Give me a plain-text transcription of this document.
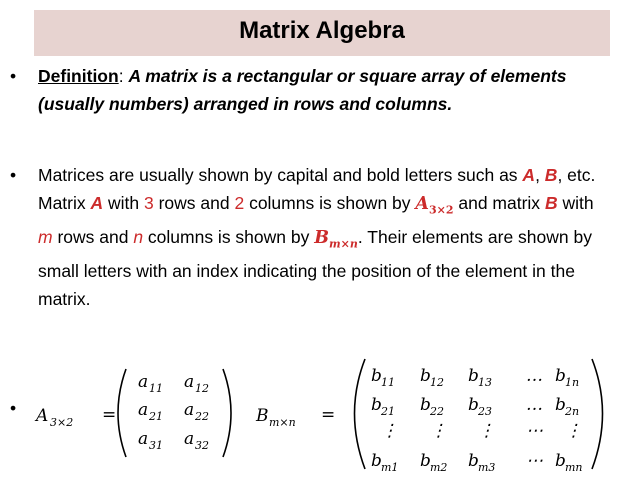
Matrix Algebra
• Definition: A matrix is a rectangular or square array of elements (usually numbers) arranged in rows and columns.
• Matrices are usually shown by capital and bold letters such as A, B, etc. Matrix A with 3 rows and 2 columns is shown by $A_{3\times 2}$ and matrix B with m rows and n columns is shown by $B_{m\times n}$. Their elements are shown by small letters with an index indicating the position of the element in the matrix.
• A 3×2 =
a 11 a 12
a 21 a 22
a 31 a 32
B m×n =
b 11 b 12 b 13 … b 1n
b 21 b 22 b 23 … b 2n
⋮ ⋮ ⋮ ⋯ ⋮
b m1 b m2 b m3 ⋯ b mn
